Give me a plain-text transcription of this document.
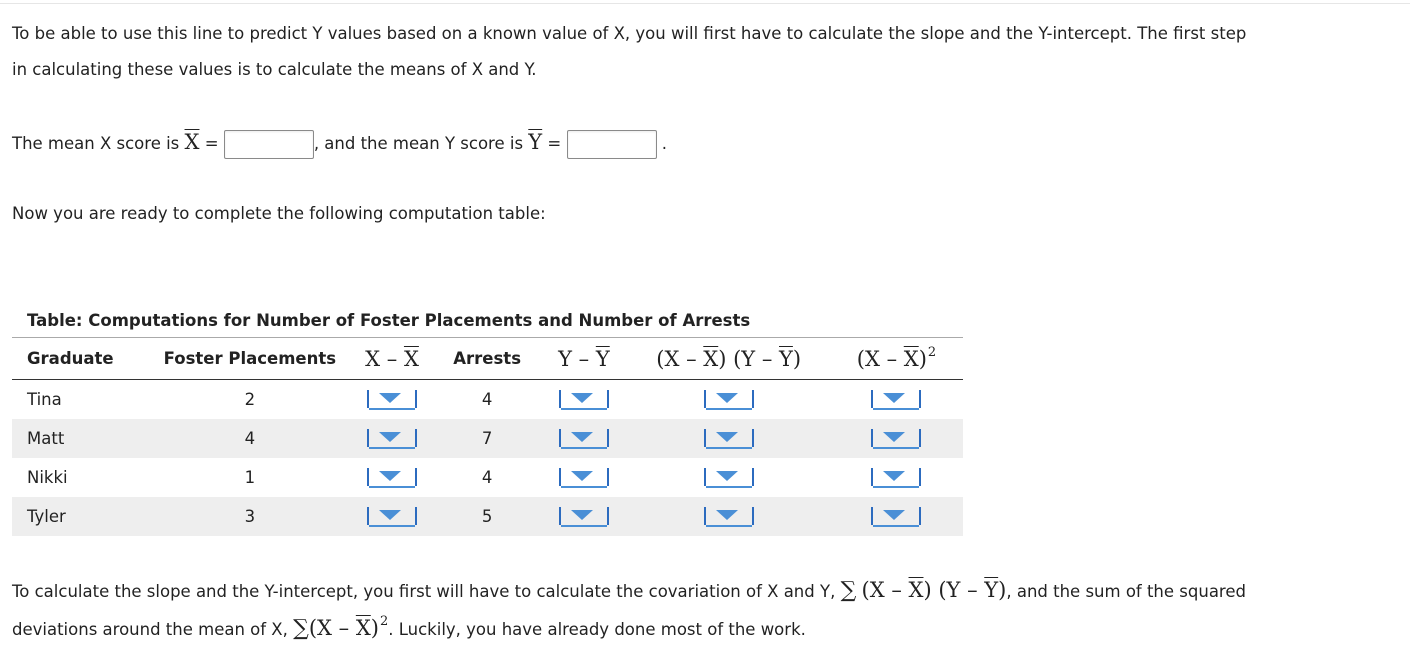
To be able to use this line to predict Y values based on a known value of X, you will first have to calculate the slope and the Y-intercept. The first step
in calculating these values is to calculate the means of X and Y.
The mean X score is $\overline{X}$ =	, and the mean Y score is $\overline{Y}$ =	.
Now you are ready to complete the following computation table:
Table: Computations for Number of Foster Placements and Number of Arrests
Graduate	Foster Placements	X – $\overline{X}$	Arrests	Y – $\overline{Y}$	$(X - \overline{X})$ $(Y - \overline{Y})$	$(X - \overline{X})^2$
Tina	2		4	

Matt	4		7	

Nikki	1		4	

Tyler	3		5	

To calculate the slope and the Y-intercept, you first will have to calculate the covariation of X and Y, ∑ $(X - \overline{X})$ $(Y - \overline{Y})$, and the sum of the squared
deviations around the mean of X, $\sum(X - \overline{X})^2$. Luckily, you have already done most of the work.
